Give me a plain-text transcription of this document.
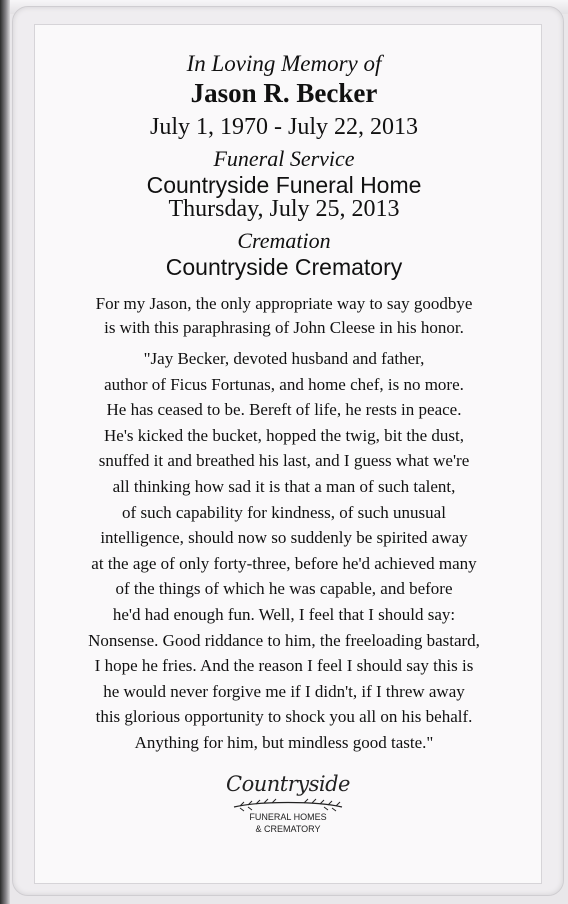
In Loving Memory of
Jason R. Becker
July 1, 1970 - July 22, 2013
Funeral Service
Countryside Funeral Home
Thursday, July 25, 2013
Cremation
Countryside Crematory
For my Jason, the only appropriate way to say goodbye
is with this paraphrasing of John Cleese in his honor.
"Jay Becker, devoted husband and father,
author of Ficus Fortunas, and home chef, is no more.
He has ceased to be. Bereft of life, he rests in peace.
He's kicked the bucket, hopped the twig, bit the dust,
snuffed it and breathed his last, and I guess what we're
all thinking how sad it is that a man of such talent,
of such capability for kindness, of such unusual
intelligence, should now so suddenly be spirited away
at the age of only forty-three, before he'd achieved many
of the things of which he was capable, and before
he'd had enough fun. Well, I feel that I should say:
Nonsense. Good riddance to him, the freeloading bastard,
I hope he fries. And the reason I feel I should say this is
he would never forgive me if I didn't, if I threw away
this glorious opportunity to shock you all on his behalf.
Anything for him, but mindless good taste."
Countryside
FUNERAL HOMES
& CREMATORY
